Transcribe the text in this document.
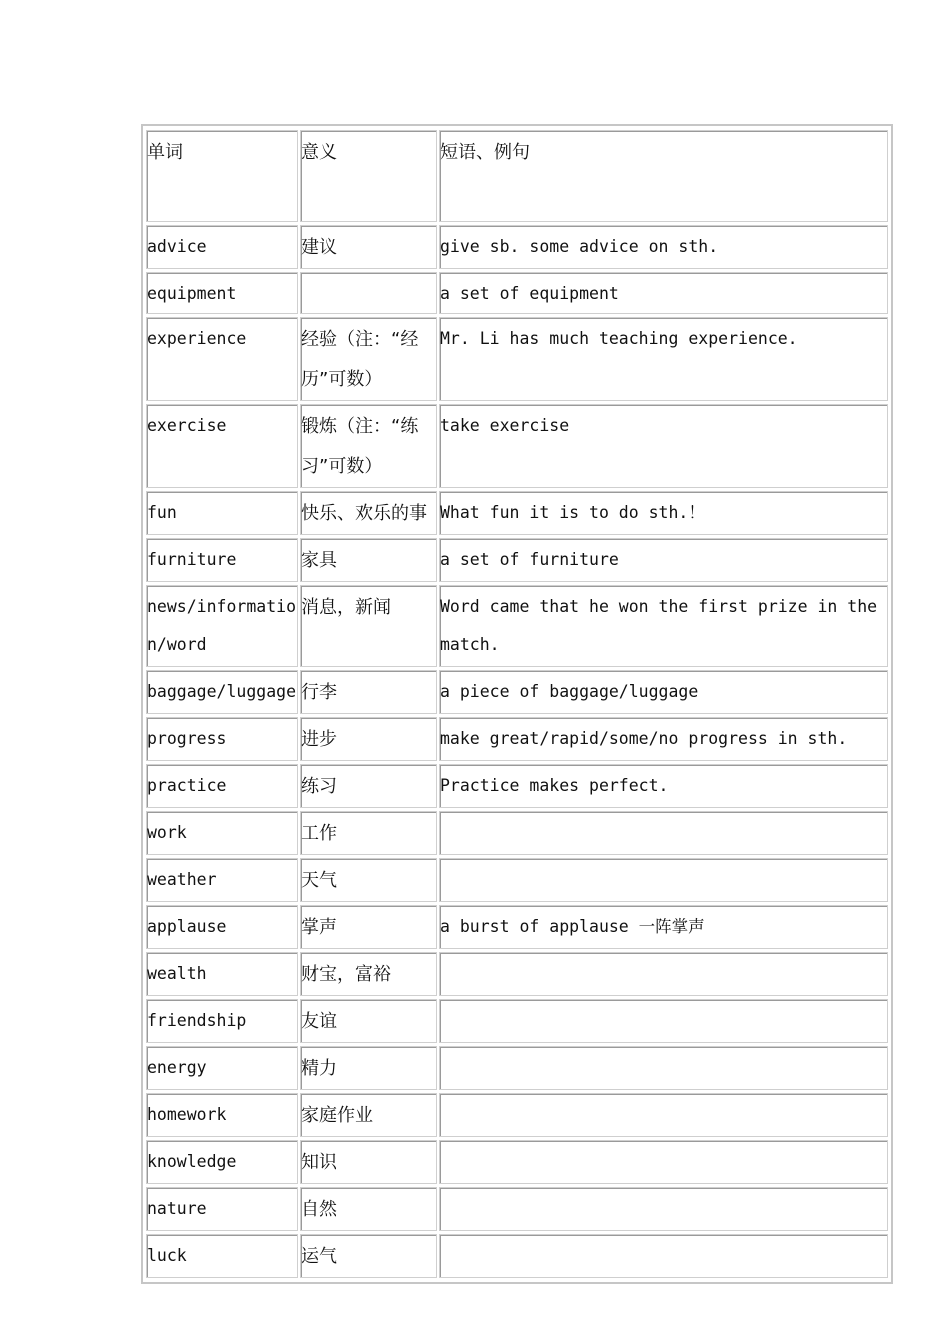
单词	意义	短语、例句

advice	建议	give sb. some advice on sth.

equipment		a set of equipment

experience	经验（注：“经历”可数）	Mr. Li has much teaching experience.

exercise	锻炼（注：“练习”可数）	take exercise

fun	快乐、欢乐的事	What fun it is to do sth.！

furniture	家具	a set of furniture

news/information/word	消息，新闻	Word came that he won the first prize in the match.

baggage/luggage	行李	a piece of baggage/luggage

progress	进步	make great/rapid/some/no progress in sth.

practice	练习	Practice makes perfect.

work	工作	

weather	天气	

applause	掌声	a burst of applause 一阵掌声

wealth	财宝，富裕	

friendship	友谊	

energy	精力	

homework	家庭作业	

knowledge	知识	

nature	自然	

luck	运气	
